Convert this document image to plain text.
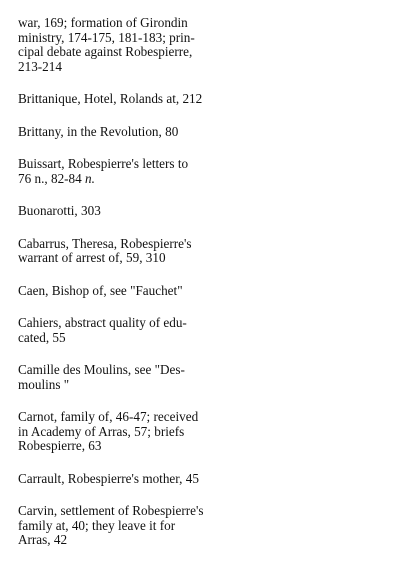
war, 169; formation of Girondin
ministry, 174-175, 181-183; prin-
cipal debate against Robespierre,
213-214
Brittanique, Hotel, Rolands at, 212
Brittany, in the Revolution, 80
Buissart, Robespierre's letters to
76 n., 82-84 n.
Buonarotti, 303
Cabarrus, Theresa, Robespierre's
warrant of arrest of, 59, 310
Caen, Bishop of, see "Fauchet"
Cahiers, abstract quality of edu-
cated, 55
Camille des Moulins, see "Des-
moulins "
Carnot, family of, 46-47; received
in Academy of Arras, 57; briefs
Robespierre, 63
Carrault, Robespierre's mother, 45
Carvin, settlement of Robespierre's
family at, 40; they leave it for
Arras, 42
